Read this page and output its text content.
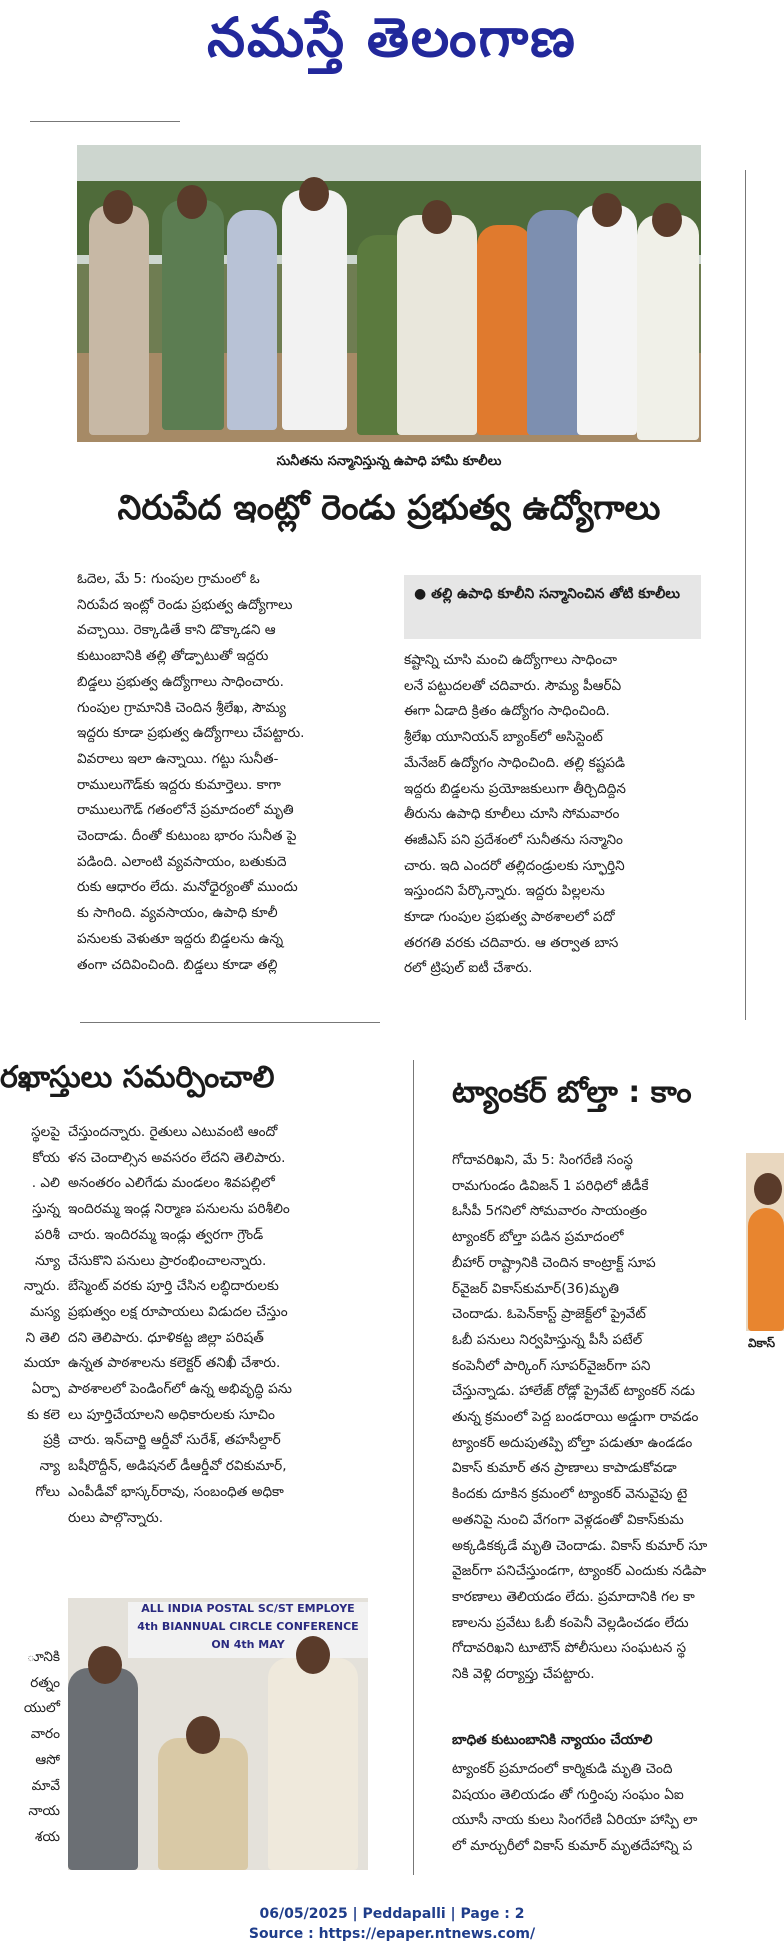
నమస్తే తెలంగాణ
సునీతను సన్మానిస్తున్న ఉపాధి హామీ కూలీలు
నిరుపేద ఇంట్లో రెండు ప్రభుత్వ ఉద్యోగాలు
● తల్లి ఉపాధి కూలీని సన్మానించిన తోటి కూలీలు

ఓదెల, మే 5: గుంపుల గ్రామంలో ఓ

నిరుపేద ఇంట్లో రెండు ప్రభుత్వ ఉద్యోగాలు

వచ్చాయి. రెక్కాడితే కాని డొక్కాడని ఆ

కుటుంబానికి తల్లి తోడ్పాటుతో ఇద్దరు

బిడ్డలు ప్రభుత్వ ఉద్యోగాలు సాధించారు.

గుంపుల గ్రామానికి చెందిన శ్రీలేఖ, సౌమ్య

ఇద్దరు కూడా ప్రభుత్వ ఉద్యోగాలు చేపట్టారు.

వివరాలు ఇలా ఉన్నాయి. గట్టు సునీత-

రాములుగౌడ్‌కు ఇద్దరు కుమార్తెలు. కాగా

రాములుగౌడ్ గతంలోనే ప్రమాదంలో మృతి

చెందాడు. దీంతో కుటుంబ భారం సునీత పై

పడింది. ఎలాంటి వ్యవసాయం, బతుకుదె

రుకు ఆధారం లేదు. మనోధైర్యంతో ముందు

కు సాగింది. వ్యవసాయం, ఉపాధి కూలీ

పనులకు వెళుతూ ఇద్దరు బిడ్డలను ఉన్న

తంగా చదివించింది. బిడ్డలు కూడా తల్లి

కష్టాన్ని చూసి మంచి ఉద్యోగాలు సాధించా

లనే పట్టుదలతో చదివారు. సౌమ్య పీఆర్‌ఏ

ఈగా ఏడాది క్రితం ఉద్యోగం సాధించింది.

శ్రీలేఖ యూనియన్ బ్యాంక్‌లో అసిస్టెంట్

మేనేజర్ ఉద్యోగం సాధించింది. తల్లి కష్టపడి

ఇద్దరు బిడ్డలను ప్రయోజకులుగా తీర్చిదిద్దిన

తీరును ఉపాధి కూలీలు చూసి సోమవారం

ఈజీఎస్ పని ప్రదేశంలో సునీతను సన్మానిం

చారు. ఇది ఎందరో తల్లిదండ్రులకు స్ఫూర్తిని

ఇస్తుందని పేర్కొన్నారు. ఇద్దరు పిల్లలను

కూడా గుంపుల ప్రభుత్వ పాఠశాలలో పదో

తరగతి వరకు చదివారు. ఆ తర్వాత బాస

రలో ట్రిపుల్ ఐటీ చేశారు.

రఖాస్తులు సమర్పించాలి

స్థలపై

కోయ

. ఎలి

స్తున్న

పరిశీ

న్యూ

న్నారు.

మస్య

ని తెలి

మయా

ఏర్పా

కు కలె

ప్రక్రి

న్యా

గోలు

చేస్తుందన్నారు. రైతులు ఎటువంటి ఆందో

ళన చెందాల్సిన అవసరం లేదని తెలిపారు.

అనంతరం ఎలిగేడు మండలం శివపల్లిలో

ఇందిరమ్మ ఇండ్ల నిర్మాణ పనులను పరిశీలిం

చారు. ఇందిరమ్మ ఇండ్లు త్వరగా గ్రౌండ్

చేసుకొని పనులు ప్రారంభించాలన్నారు.

బేస్మెంట్ వరకు పూర్తి చేసిన లబ్ధిదారులకు

ప్రభుత్వం లక్ష రూపాయలు విడుదల చేస్తుం

దని తెలిపారు. ధూళికట్ట జిల్లా పరిషత్

ఉన్నత పాఠశాలను కలెక్టర్ తనిఖీ చేశారు.

పాఠశాలలో పెండింగ్‌లో ఉన్న అభివృద్ధి పను

లు పూర్తిచేయాలని అధికారులకు సూచిం

చారు. ఇన్‌చార్జి ఆర్డీవో సురేశ్, తహసీల్దార్

బషీరొద్దీన్, అడిషనల్ డీఆర్డీవో రవికుమార్,

ఎంపీడీవో భాస్కర్‌రావు, సంబంధిత అధికా

రులు పాల్గొన్నారు.

ూనికి

రత్నం

యులో

వారం

ఆసో

మావే

నాయ

శయ

ALL INDIA POSTAL SC/ST EMPLOYE
4th BIANNUAL CIRCLE CONFERENCE
ON 4th MAY
ట్యాంకర్ బోల్తా : కాం
వికాస్

గోదావరిఖని, మే 5: సింగరేణి సంస్థ

రామగుండం డివిజన్ 1 పరిధిలో జీడీకే

ఓసీపీ 5గనిలో సోమవారం సాయంత్రం

ట్యాంకర్ బోల్తా పడిన ప్రమాదంలో

బీహార్ రాష్ట్రానికి చెందిన కాంట్రాక్ట్ సూప

ర్‌వైజర్ వికాస్‌కుమార్(36)మృతి

చెందాడు. ఓపెన్‌కాస్ట్ ప్రాజెక్ట్‌లో ప్రైవేట్

ఓబీ పనులు నిర్వహిస్తున్న పీసీ పటేల్

కంపెనీలో పార్కింగ్ సూపర్‌వైజర్‌గా పని

చేస్తున్నాడు. హాలేజ్ రోడ్లో ప్రైవేట్ ట్యాంకర్ నడు

తున్న క్రమంలో పెద్ద బండరాయి అడ్డుగా రావడం

ట్యాంకర్ అదుపుతప్పి బోల్తా పడుతూ ఉండడం

వికాస్ కుమార్ తన ప్రాణాలు కాపాడుకోవడా

కిందకు దూకిన క్రమంలో ట్యాంకర్ వెనువైపు టై

అతనిపై నుంచి వేగంగా వెళ్లడంతో వికాస్‌కుమ

అక్కడికక్కడే మృతి చెందాడు. వికాస్ కుమార్ సూ

వైజర్‌గా పనిచేస్తుండగా, ట్యాంకర్ ఎందుకు నడిపా

కారణాలు తెలియడం లేదు. ప్రమాదానికి గల కా

ణాలను ప్రవేటు ఓబీ కంపెనీ వెల్లడించడం లేదు

గోదావరిఖని టూటౌన్ పోలీసులు సంఘటన స్థ

నికి వెళ్లి దర్యాప్తు చేపట్టారు.

బాధిత కుటుంబానికి న్యాయం చేయాలి

ట్యాంకర్ ప్రమాదంలో కార్మికుడి మృతి చెంది

విషయం తెలియడం తో గుర్తింపు సంఘం ఏఐ

యూసీ నాయ కులు సింగరేణి ఏరియా హాస్పి లా

లో మార్చురీలో వికాస్ కుమార్ మృతదేహాన్ని ప

06/05/2025 | Peddapalli | Page : 2
Source : https://epaper.ntnews.com/
